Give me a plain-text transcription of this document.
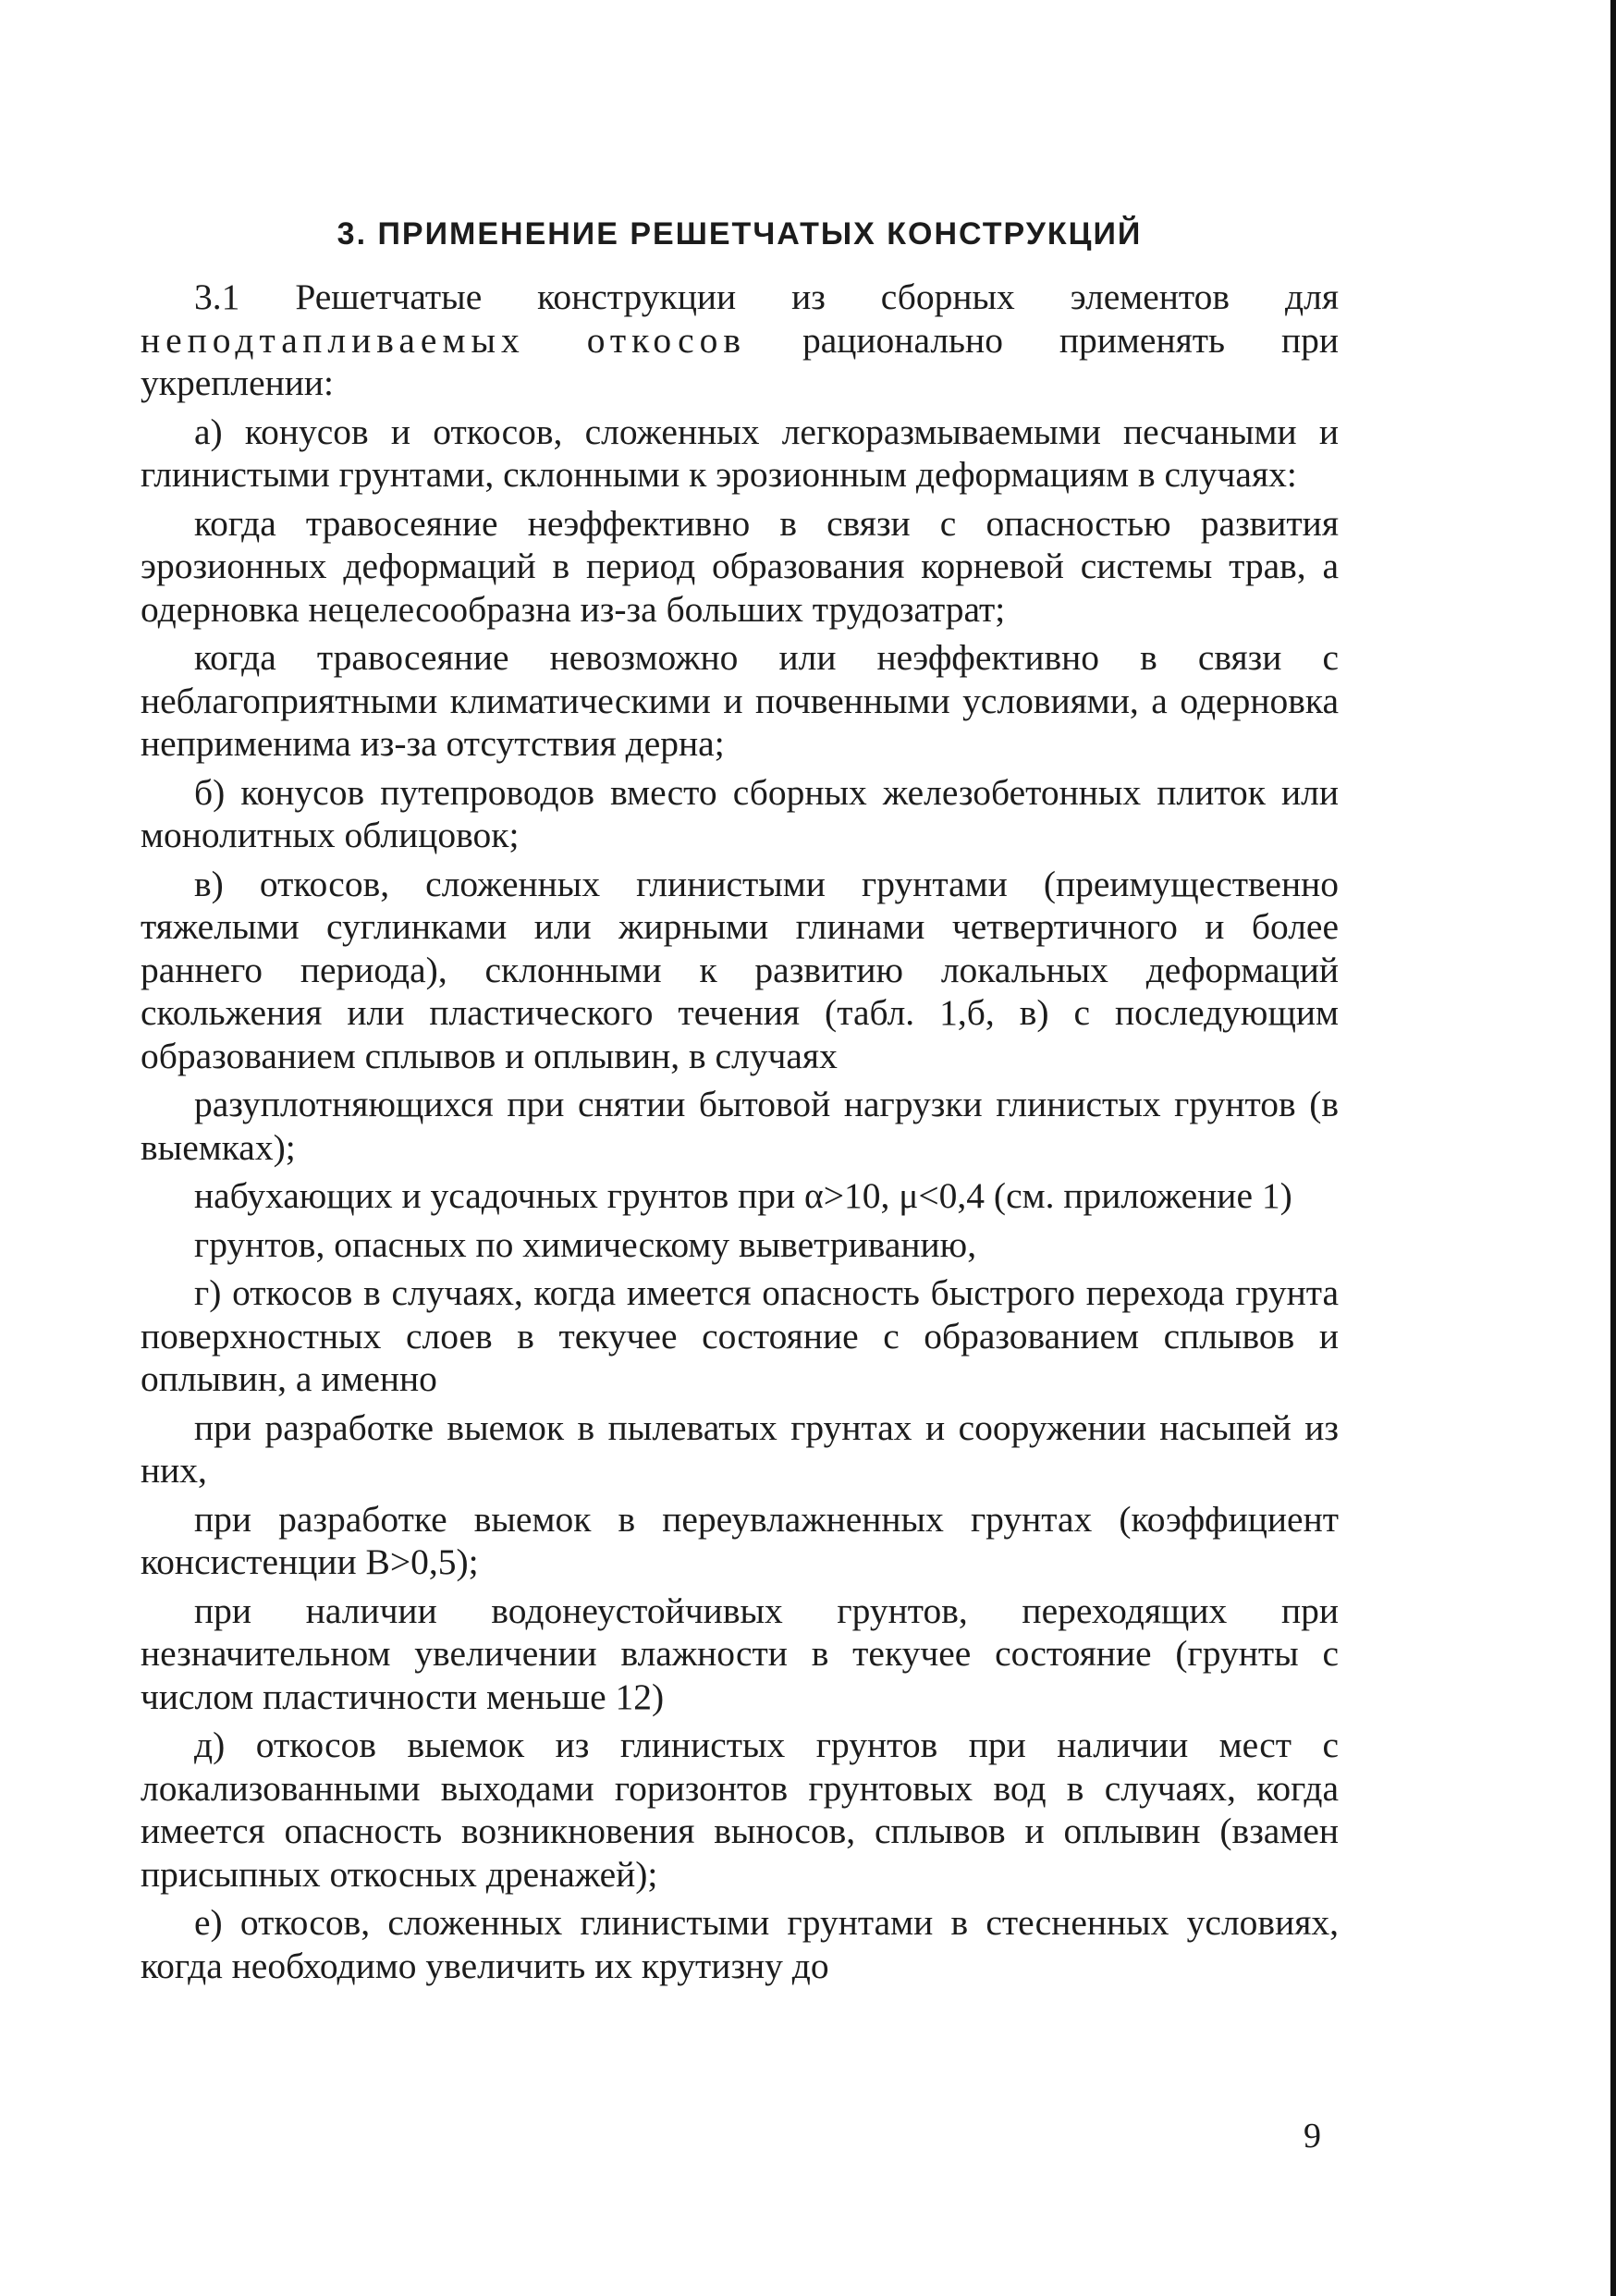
3. ПРИМЕНЕНИЕ РЕШЕТЧАТЫХ КОНСТРУКЦИЙ

3.1 Решетчатые конструкции из сборных элементов для неподтапливаемых откосов рационально применять при укреплении:

а) конусов и откосов, сложенных легкоразмываемыми песчаными и глинистыми грунтами, склонными к эрозионным деформациям в случаях:

когда травосеяние неэффективно в связи с опасностью развития эрозионных деформаций в период образования корневой системы трав, а одерновка нецелесообразна из-за больших трудозатрат;

когда травосеяние невозможно или неэффективно в связи с неблагоприятными климатическими и почвенными условиями, а одерновка неприменима из-за отсутствия дерна;

б) конусов путепроводов вместо сборных железобетонных плиток или монолитных облицовок;

в) откосов, сложенных глинистыми грунтами (преимущественно тяжелыми суглинками или жирными глинами четвертичного и более раннего периода), склонными к развитию локальных деформаций скольжения или пластического течения (табл. 1,б, в) с последующим образованием сплывов и оплывин, в случаях

разуплотняющихся при снятии бытовой нагрузки глинистых грунтов (в выемках);

набухающих и усадочных грунтов при α>10, μ<0,4 (см. приложение 1)

грунтов, опасных по химическому выветриванию,

г) откосов в случаях, когда имеется опасность быстрого перехода грунта поверхностных слоев в текучее состояние с образованием сплывов и оплывин, а именно

при разработке выемок в пылеватых грунтах и сооружении насыпей из них,

при разработке выемок в переувлажненных грунтах (коэффициент консистенции B>0,5);

при наличии водонеустойчивых грунтов, переходящих при незначительном увеличении влажности в текучее состояние (грунты с числом пластичности меньше 12)

д) откосов выемок из глинистых грунтов при наличии мест с локализованными выходами горизонтов грунтовых вод в случаях, когда имеется опасность возникновения выносов, сплывов и оплывин (взамен присыпных откосных дренажей);

е) откосов, сложенных глинистыми грунтами в стесненных условиях, когда необходимо увеличить их крутизну до

9
